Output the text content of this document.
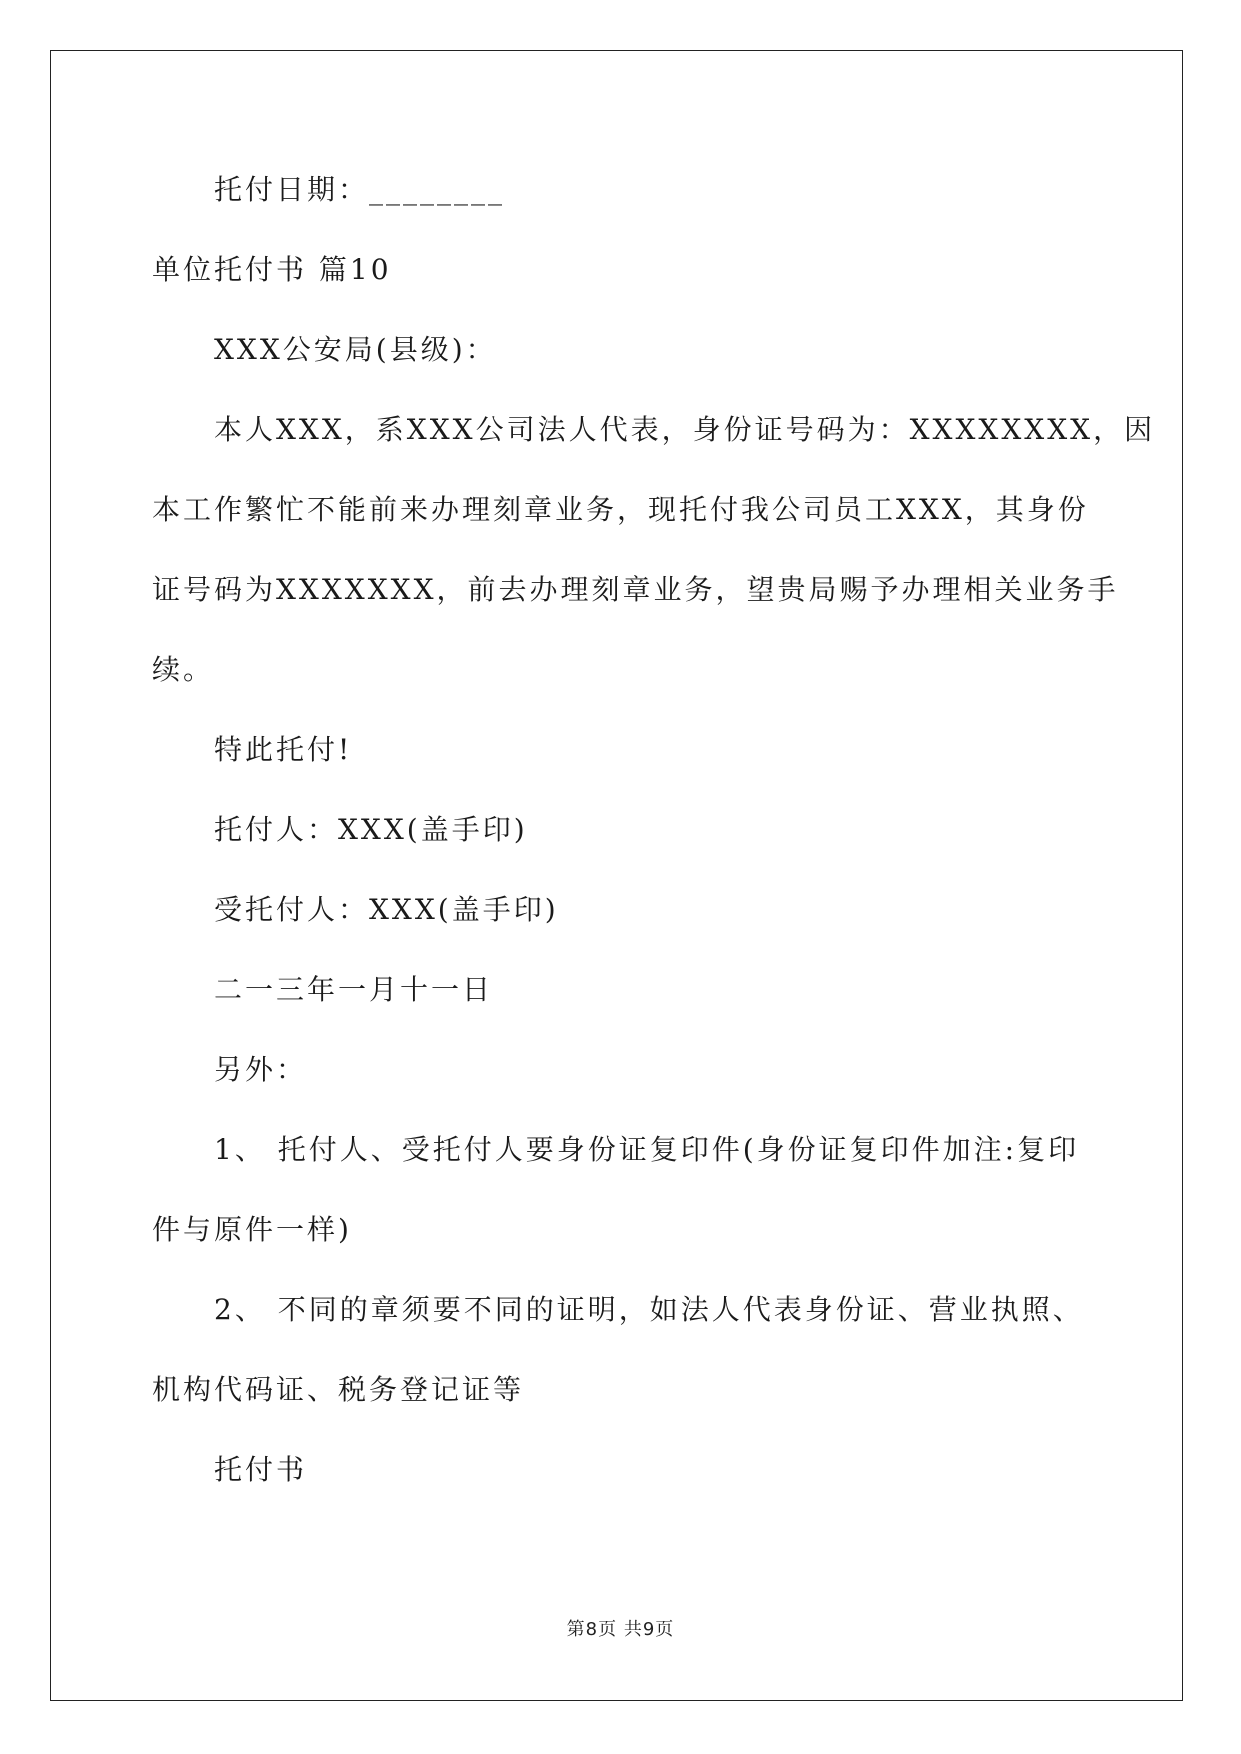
托付日期：________
单位托付书 篇10
XXX公安局(县级)：
本人XXX，系XXX公司法人代表，身份证号码为：XXXXXXXX，因
本工作繁忙不能前来办理刻章业务，现托付我公司员工XXX，其身份
证号码为XXXXXXX，前去办理刻章业务，望贵局赐予办理相关业务手
续。
特此托付!
托付人：XXX(盖手印)
受托付人：XXX(盖手印)
二一三年一月十一日
另外：
1、 托付人、受托付人要身份证复印件(身份证复印件加注:复印
件与原件一样)
2、 不同的章须要不同的证明，如法人代表身份证、营业执照、
机构代码证、税务登记证等
托付书
第8页 共9页
